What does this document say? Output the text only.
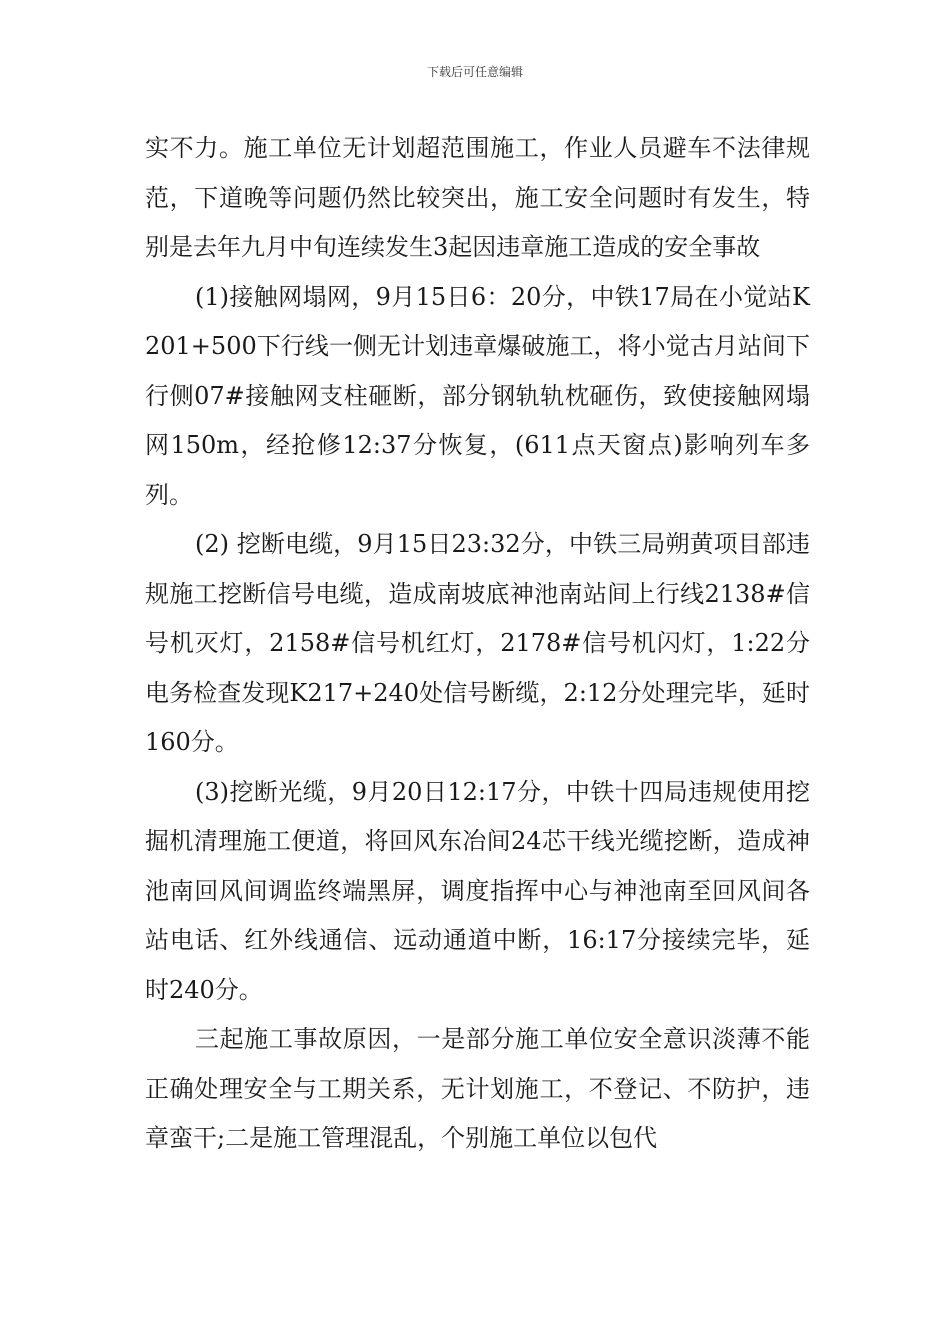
下载后可任意编辑

实不力。施工单位无计划超范围施工，作业人员避车不法律规范，下道晚等问题仍然比较突出，施工安全问题时有发生，特别是去年九月中旬连续发生3起因违章施工造成的安全事故

(1)接触网塌网，9月15日6：20分，中铁17局在小觉站K201+500下行线一侧无计划违章爆破施工，将小觉古月站间下行侧07#接触网支柱砸断，部分钢轨轨枕砸伤，致使接触网塌网150m，经抢修12:37分恢复，(611点天窗点)影响列车多列。

(2) 挖断电缆，9月15日23:32分，中铁三局朔黄项目部违规施工挖断信号电缆，造成南坡底神池南站间上行线2138#信号机灭灯，2158#信号机红灯，2178#信号机闪灯，1:22分电务检查发现K217+240处信号断缆，2:12分处理完毕，延时160分。

(3)挖断光缆，9月20日12:17分，中铁十四局违规使用挖掘机清理施工便道，将回风东冶间24芯干线光缆挖断，造成神池南回风间调监终端黑屏，调度指挥中心与神池南至回风间各站电话、红外线通信、远动通道中断，16:17分接续完毕，延时240分。

三起施工事故原因，一是部分施工单位安全意识淡薄不能正确处理安全与工期关系，无计划施工，不登记、不防护，违章蛮干;二是施工管理混乱，个别施工单位以包代
